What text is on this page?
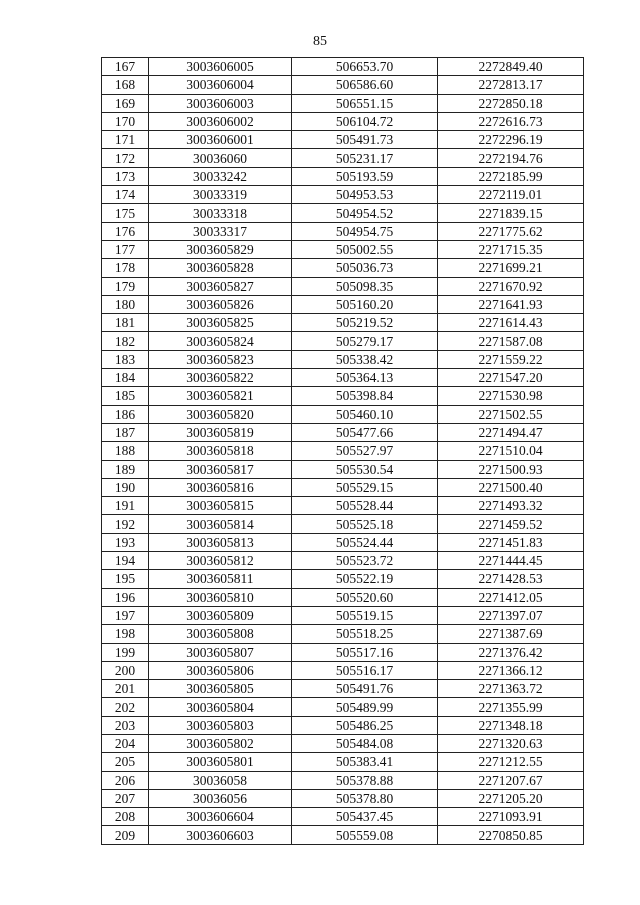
85
167	3003606005	506653.70	2272849.40
168	3003606004	506586.60	2272813.17
169	3003606003	506551.15	2272850.18
170	3003606002	506104.72	2272616.73
171	3003606001	505491.73	2272296.19
172	30036060	505231.17	2272194.76
173	30033242	505193.59	2272185.99
174	30033319	504953.53	2272119.01
175	30033318	504954.52	2271839.15
176	30033317	504954.75	2271775.62
177	3003605829	505002.55	2271715.35
178	3003605828	505036.73	2271699.21
179	3003605827	505098.35	2271670.92
180	3003605826	505160.20	2271641.93
181	3003605825	505219.52	2271614.43
182	3003605824	505279.17	2271587.08
183	3003605823	505338.42	2271559.22
184	3003605822	505364.13	2271547.20
185	3003605821	505398.84	2271530.98
186	3003605820	505460.10	2271502.55
187	3003605819	505477.66	2271494.47
188	3003605818	505527.97	2271510.04
189	3003605817	505530.54	2271500.93
190	3003605816	505529.15	2271500.40
191	3003605815	505528.44	2271493.32
192	3003605814	505525.18	2271459.52
193	3003605813	505524.44	2271451.83
194	3003605812	505523.72	2271444.45
195	3003605811	505522.19	2271428.53
196	3003605810	505520.60	2271412.05
197	3003605809	505519.15	2271397.07
198	3003605808	505518.25	2271387.69
199	3003605807	505517.16	2271376.42
200	3003605806	505516.17	2271366.12
201	3003605805	505491.76	2271363.72
202	3003605804	505489.99	2271355.99
203	3003605803	505486.25	2271348.18
204	3003605802	505484.08	2271320.63
205	3003605801	505383.41	2271212.55
206	30036058	505378.88	2271207.67
207	30036056	505378.80	2271205.20
208	3003606604	505437.45	2271093.91
209	3003606603	505559.08	2270850.85
